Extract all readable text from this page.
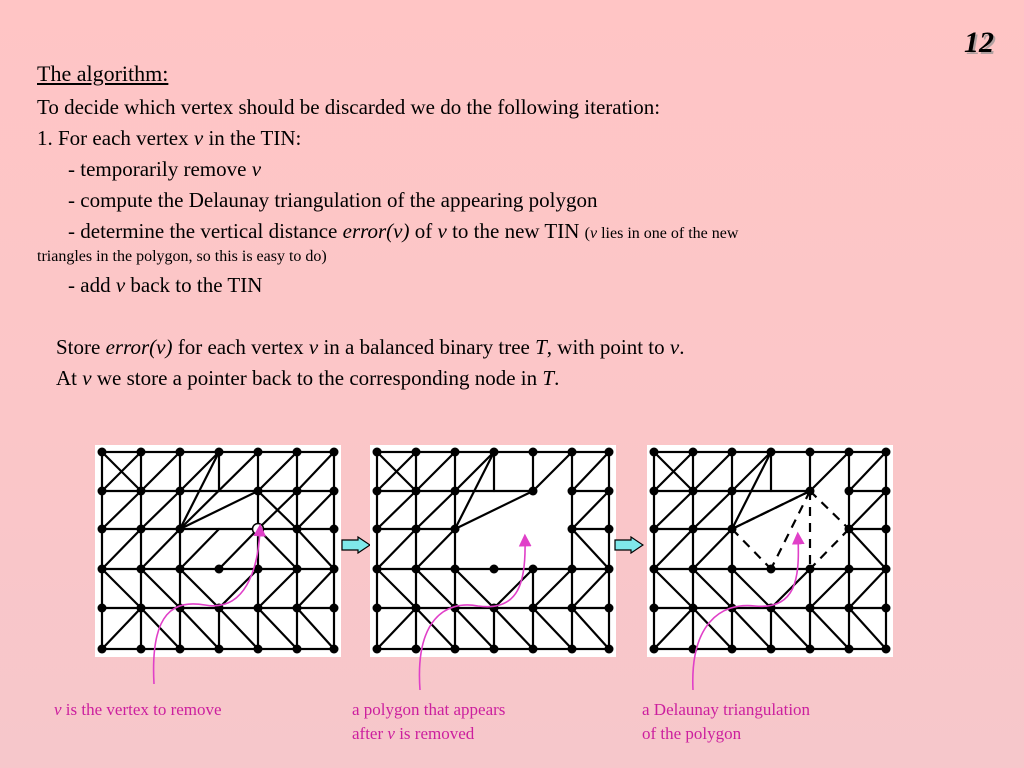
12
The algorithm:
To decide which vertex should be discarded we do the following iteration:
1. For each vertex v in the TIN:
- temporarily remove v
- compute the Delaunay triangulation of the appearing polygon
- determine the vertical distance error(v) of v to the new TIN (v lies in one of the new
triangles in the polygon, so this is easy to do)
- add v back to the TIN
Store error(v) for each vertex v in a balanced binary tree T, with point to v.
At v we store a pointer back to the corresponding node in T.
v is the vertex to remove	a polygon that appears
after v is removed
a Delaunay triangulation
of the polygon
